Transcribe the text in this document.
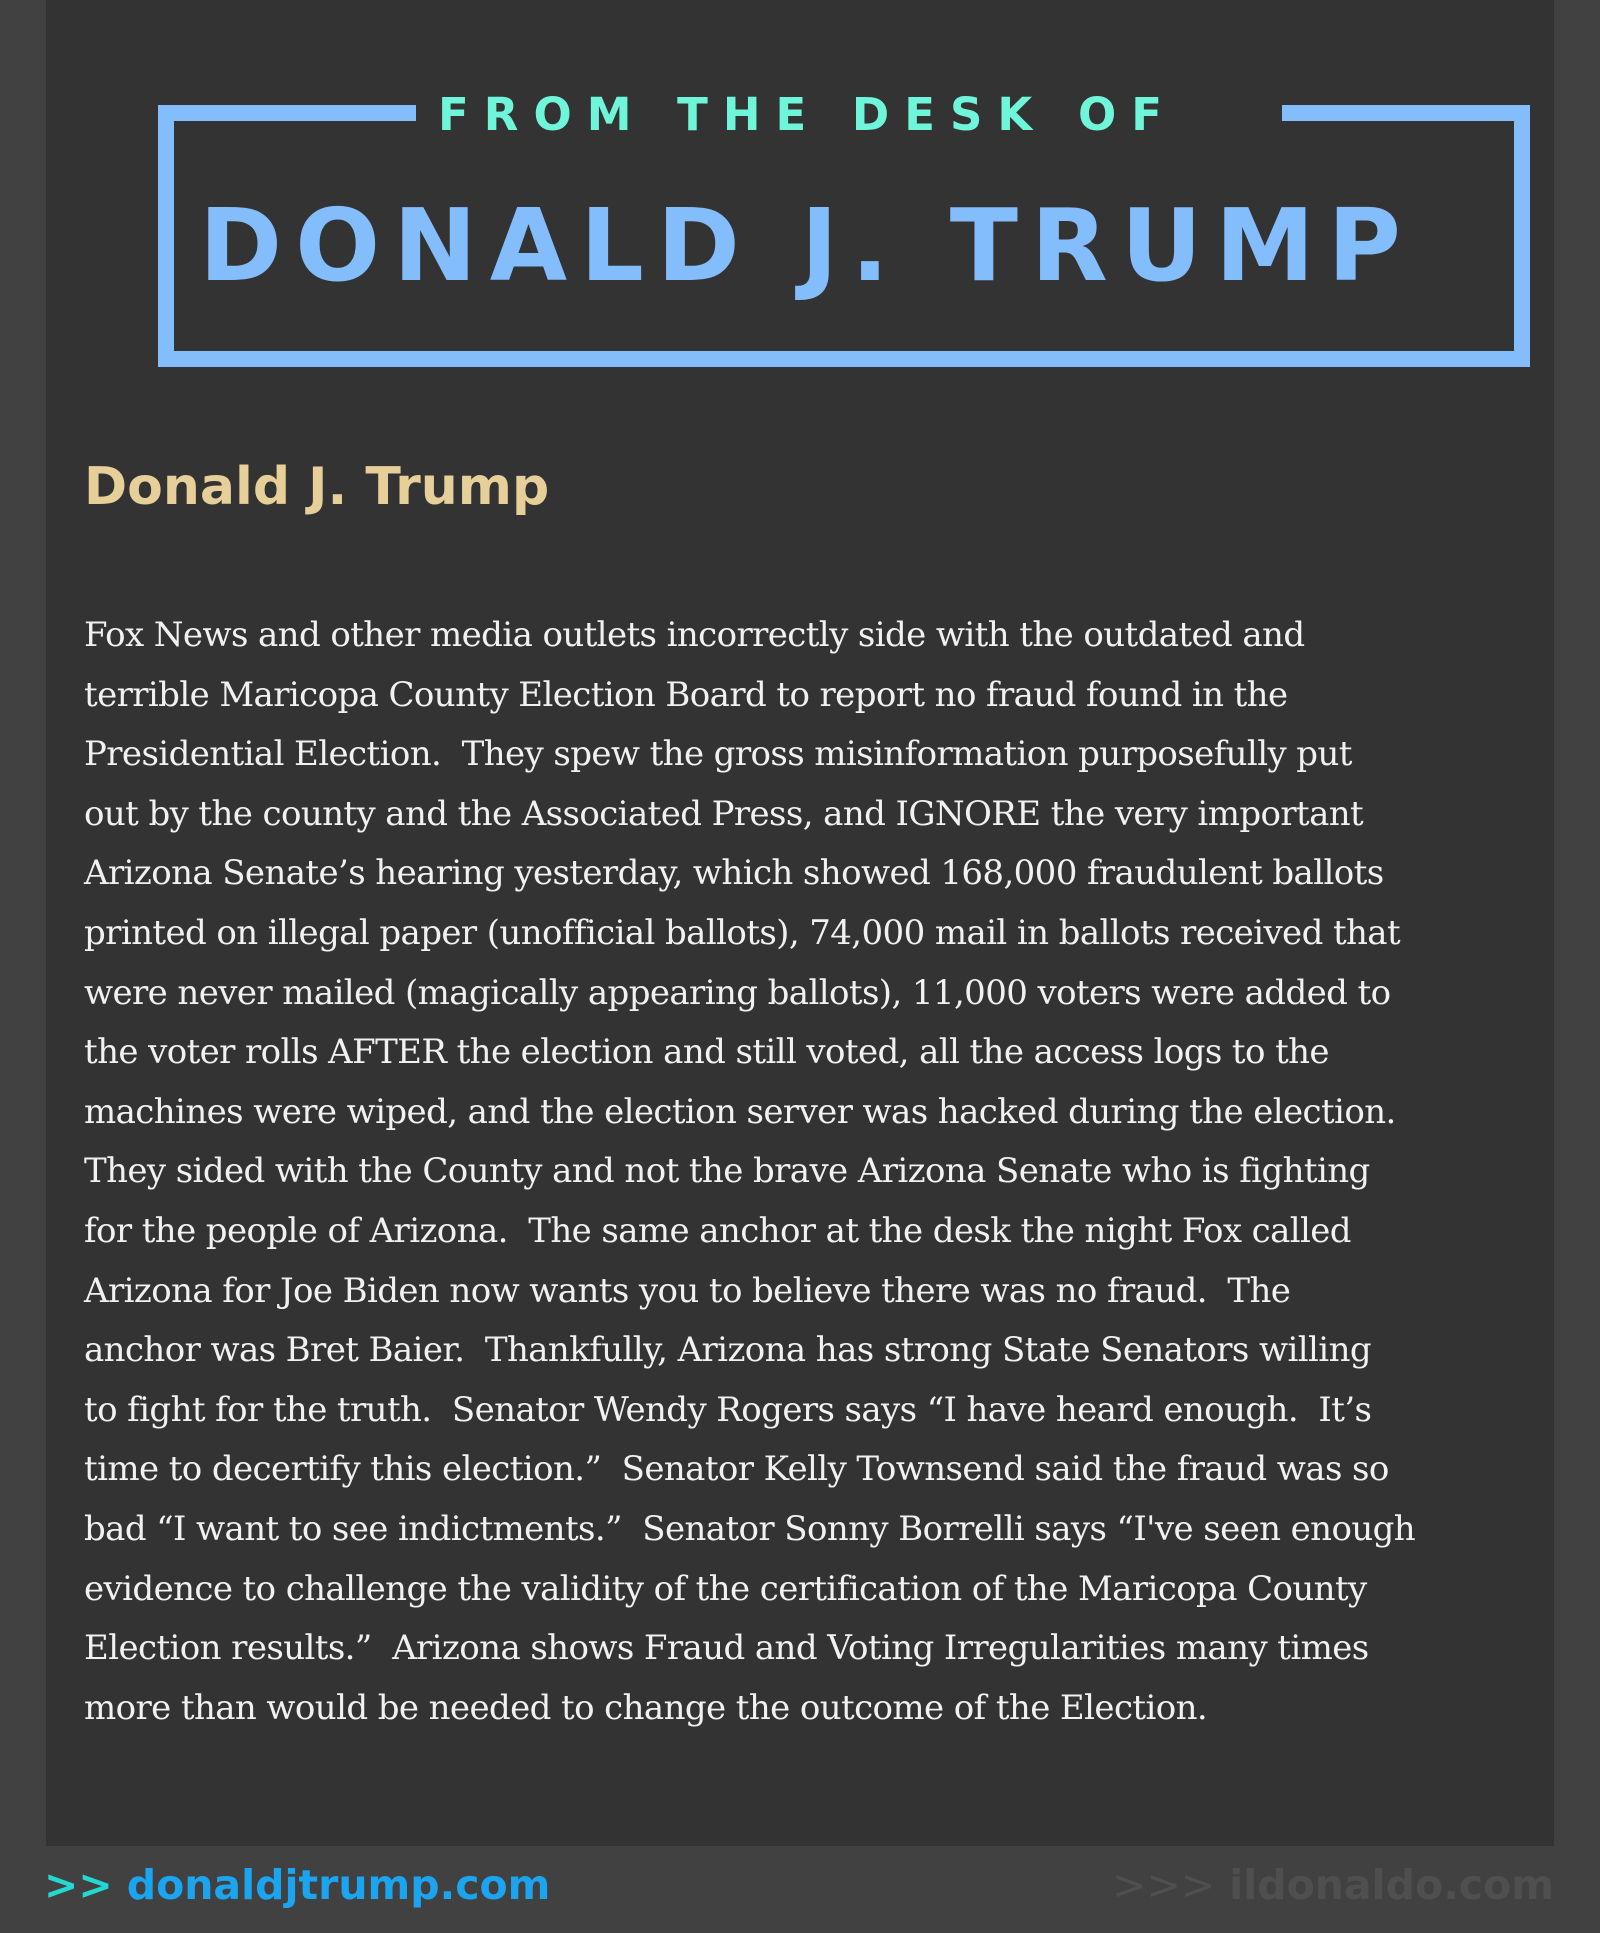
FROM THE DESK OF
DONALD J. TRUMP
Donald J. Trump
Fox News and other media outlets incorrectly side with the outdated and
terrible Maricopa County Election Board to report no fraud found in the
Presidential Election.  They spew the gross misinformation purposefully put
out by the county and the Associated Press, and IGNORE the very important
Arizona Senate’s hearing yesterday, which showed 168,000 fraudulent ballots
printed on illegal paper (unofficial ballots), 74,000 mail in ballots received that
were never mailed (magically appearing ballots), 11,000 voters were added to
the voter rolls AFTER the election and still voted, all the access logs to the
machines were wiped, and the election server was hacked during the election.
They sided with the County and not the brave Arizona Senate who is fighting
for the people of Arizona.  The same anchor at the desk the night Fox called
Arizona for Joe Biden now wants you to believe there was no fraud.  The
anchor was Bret Baier.  Thankfully, Arizona has strong State Senators willing
to fight for the truth.  Senator Wendy Rogers says “I have heard enough.  It’s
time to decertify this election.”  Senator Kelly Townsend said the fraud was so
bad “I want to see indictments.”  Senator Sonny Borrelli says “I've seen enough
evidence to challenge the validity of the certification of the Maricopa County
Election results.”  Arizona shows Fraud and Voting Irregularities many times
more than would be needed to change the outcome of the Election.
>> donaldjtrump.com	>>> ildonaldo.com
